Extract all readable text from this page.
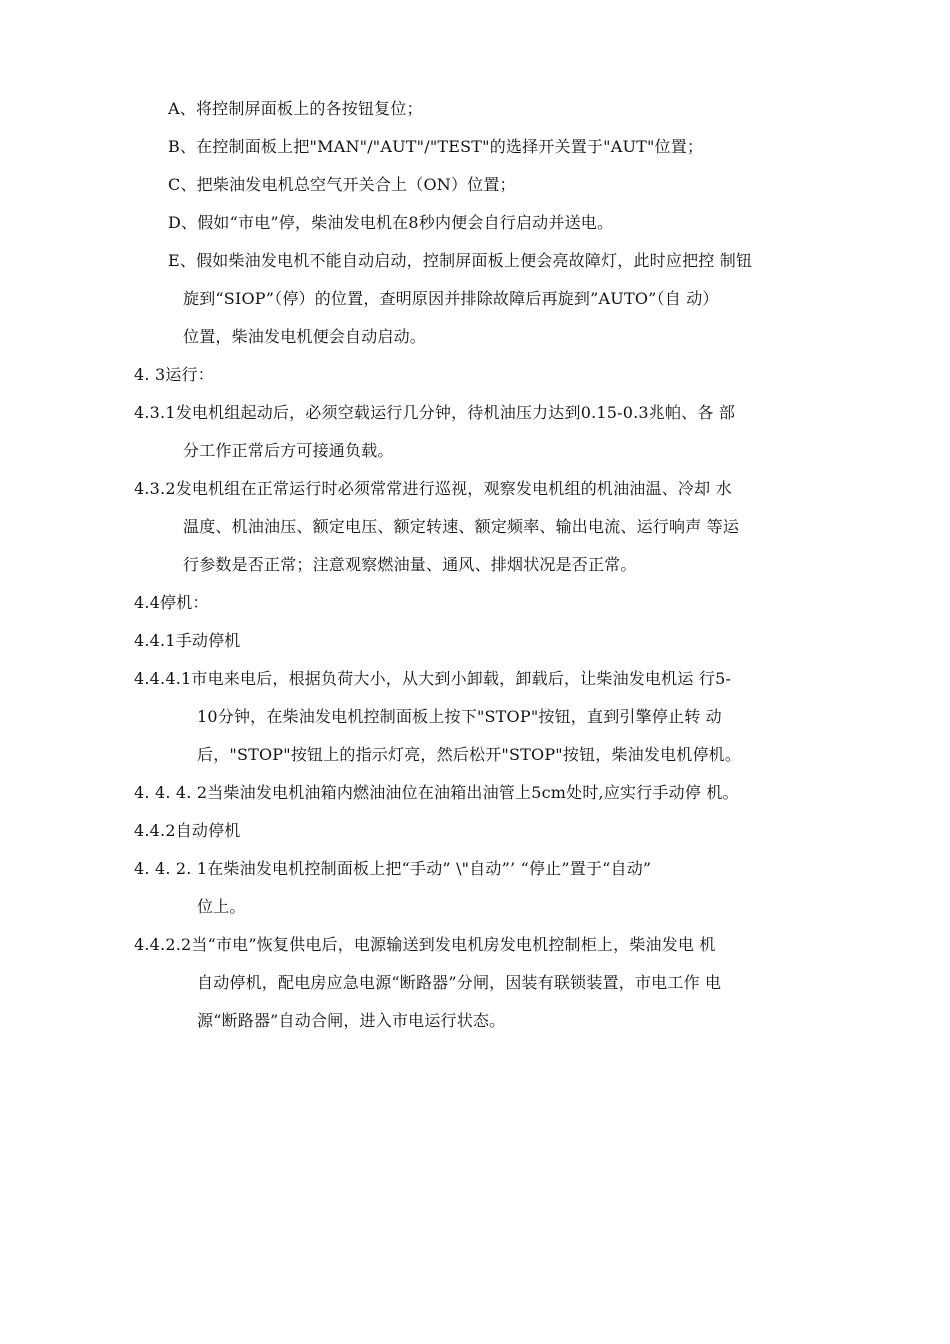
A、将控制屏面板上的各按钮复位；
B、在控制面板上把"MAN"/"AUT"/"TEST"的选择开关置于"AUT"位置；
C、把柴油发电机总空气开关合上（ON）位置；
D、假如“市电”停，柴油发电机在8秒内便会自行启动并送电。
E、假如柴油发电机不能自动启动，控制屏面板上便会亮故障灯，此时应把控 制钮
旋到“SIOP”（停）的位置，查明原因并排除故障后再旋到”AUTO”（自 动）
位置，柴油发电机便会自动启动。
4. 3运行：
4.3.1发电机组起动后，必须空载运行几分钟，待机油压力达到0.15-0.3兆帕、各 部
分工作正常后方可接通负载。
4.3.2发电机组在正常运行时必须常常进行巡视，观察发电机组的机油油温、冷却 水
温度、机油油压、额定电压、额定转速、额定频率、输出电流、运行响声 等运
行参数是否正常；注意观察燃油量、通风、排烟状况是否正常。
4.4停机：
4.4.1手动停机
4.4.4.1市电来电后，根据负荷大小，从大到小卸载，卸载后，让柴油发电机运 行5-
10分钟，在柴油发电机控制面板上按下"STOP"按钮，直到引擎停止转 动
后，"STOP"按钮上的指示灯亮，然后松开"STOP"按钮，柴油发电机停机。
4. 4. 4. 2当柴油发电机油箱内燃油油位在油箱出油管上5cm处时,应实行手动停 机。
4.4.2自动停机
4. 4. 2. 1在柴油发电机控制面板上把“手动” \"自动”’ “停止”置于“自动”
位上。
4.4.2.2当“市电”恢复供电后，电源输送到发电机房发电机控制柜上，柴油发电 机
自动停机，配电房应急电源“断路器”分闸，因装有联锁装置，市电工作 电
源“断路器”自动合闸，进入市电运行状态。
